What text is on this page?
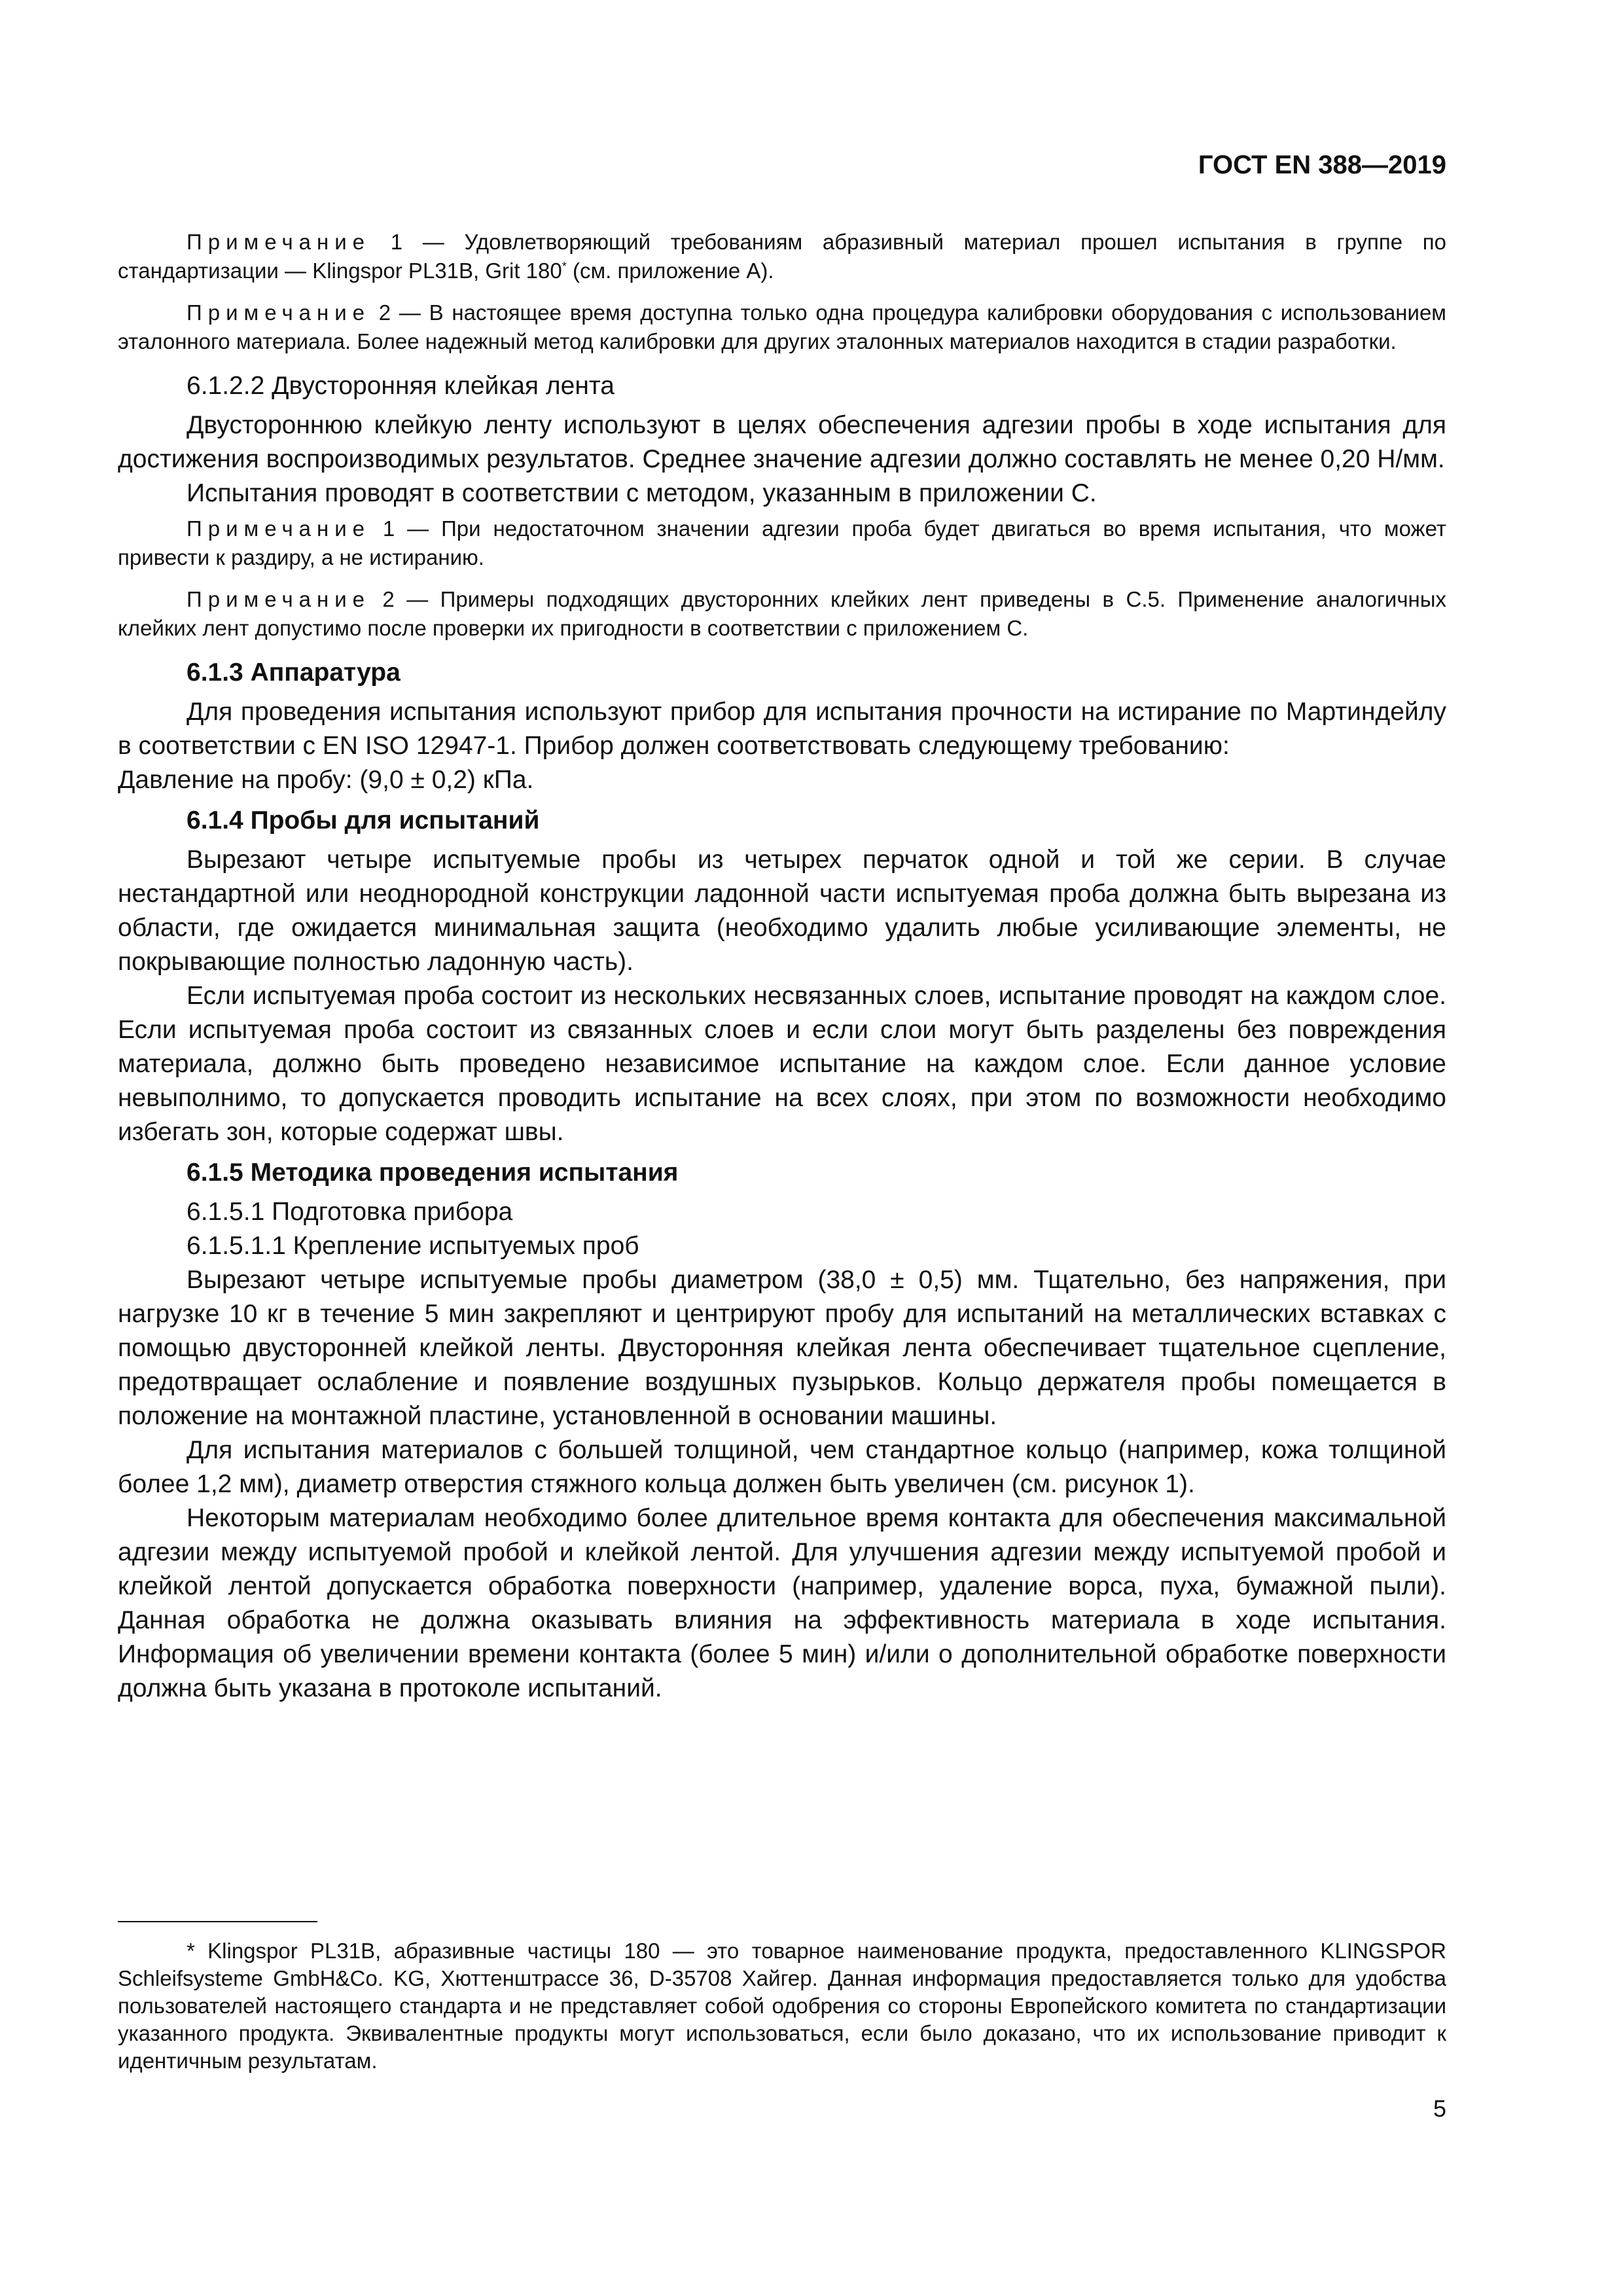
ГОСТ EN 388—2019

Примечание 1 — Удовлетворяющий требованиям абразивный материал прошел испытания в группе по стандартизации — Klingspor PL31B, Grit 180* (см. приложение А).

Примечание 2 — В настоящее время доступна только одна процедура калибровки оборудования с использованием эталонного материала. Более надежный метод калибровки для других эталонных материалов находится в стадии разработки.

6.1.2.2 Двусторонняя клейкая лента

Двустороннюю клейкую ленту используют в целях обеспечения адгезии пробы в ходе испытания для достижения воспроизводимых результатов. Среднее значение адгезии должно составлять не менее 0,20 Н/мм.

Испытания проводят в соответствии с методом, указанным в приложении С.

Примечание 1 — При недостаточном значении адгезии проба будет двигаться во время испытания, что может привести к раздиру, а не истиранию.

Примечание 2 — Примеры подходящих двусторонних клейких лент приведены в С.5. Применение аналогичных клейких лент допустимо после проверки их пригодности в соответствии с приложением С.

6.1.3 Аппаратура

Для проведения испытания используют прибор для испытания прочности на истирание по Мартиндейлу в соответствии с EN ISO 12947-1. Прибор должен соответствовать следующему требованию:

Давление на пробу: (9,0 ± 0,2) кПа.

6.1.4 Пробы для испытаний

Вырезают четыре испытуемые пробы из четырех перчаток одной и той же серии. В случае нестандартной или неоднородной конструкции ладонной части испытуемая проба должна быть вырезана из области, где ожидается минимальная защита (необходимо удалить любые усиливающие элементы, не покрывающие полностью ладонную часть).

Если испытуемая проба состоит из нескольких несвязанных слоев, испытание проводят на каждом слое. Если испытуемая проба состоит из связанных слоев и если слои могут быть разделены без повреждения материала, должно быть проведено независимое испытание на каждом слое. Если данное условие невыполнимо, то допускается проводить испытание на всех слоях, при этом по возможности необходимо избегать зон, которые содержат швы.

6.1.5 Методика проведения испытания
6.1.5.1 Подготовка прибора
6.1.5.1.1 Крепление испытуемых проб

Вырезают четыре испытуемые пробы диаметром (38,0 ± 0,5) мм. Тщательно, без напряжения, при нагрузке 10 кг в течение 5 мин закрепляют и центрируют пробу для испытаний на металлических вставках с помощью двусторонней клейкой ленты. Двусторонняя клейкая лента обеспечивает тщательное сцепление, предотвращает ослабление и появление воздушных пузырьков. Кольцо держателя пробы помещается в положение на монтажной пластине, установленной в основании машины.

Для испытания материалов с большей толщиной, чем стандартное кольцо (например, кожа толщиной более 1,2 мм), диаметр отверстия стяжного кольца должен быть увеличен (см. рисунок 1).

Некоторым материалам необходимо более длительное время контакта для обеспечения максимальной адгезии между испытуемой пробой и клейкой лентой. Для улучшения адгезии между испытуемой пробой и клейкой лентой допускается обработка поверхности (например, удаление ворса, пуха, бумажной пыли). Данная обработка не должна оказывать влияния на эффективность материала в ходе испытания. Информация об увеличении времени контакта (более 5 мин) и/или о дополнительной обработке поверхности должна быть указана в протоколе испытаний.

* Klingspor PL31B, абразивные частицы 180 — это товарное наименование продукта, предоставленного KLINGSPOR Schleifsysteme GmbH&Co. KG, Хюттенштрассе 36, D-35708 Хайгер. Данная информация предоставляется только для удобства пользователей настоящего стандарта и не представляет собой одобрения со стороны Европейского комитета по стандартизации указанного продукта. Эквивалентные продукты могут использоваться, если было доказано, что их использование приводит к идентичным результатам.

5
